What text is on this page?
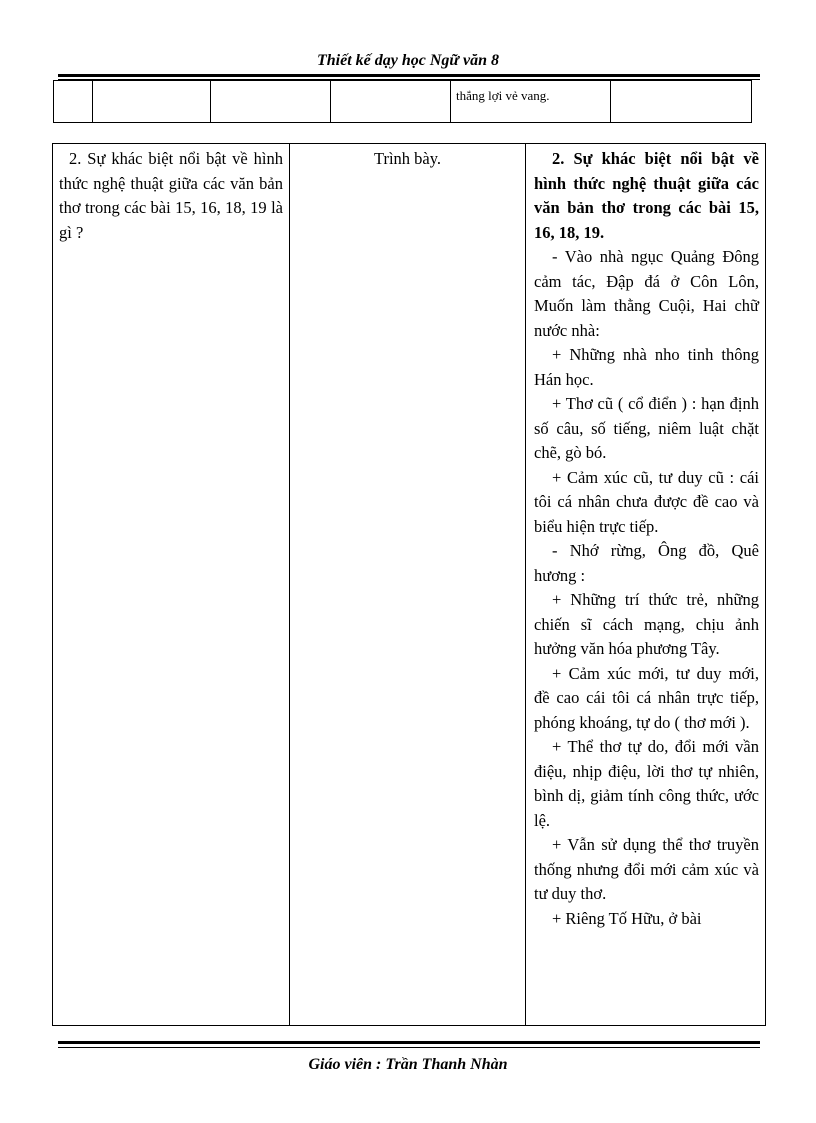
Thiết kế dạy học Ngữ văn 8

thắng lợi vẻ vang.

2. Sự khác biệt nổi bật về hình thức nghệ thuật giữa các văn bản thơ trong các bài 15, 16, 18, 19 là gì ?	Trình bày.	2. Sự khác biệt nổi bật về hình thức nghệ thuật giữa các văn bản thơ trong các bài 15, 16, 18, 19.

- Vào nhà ngục Quảng Đông cảm tác, Đập đá ở Côn Lôn, Muốn làm thằng Cuội, Hai chữ nước nhà:

+ Những nhà nho tinh thông Hán học.

+ Thơ cũ ( cổ điển ) : hạn định số câu, số tiếng, niêm luật chặt chẽ, gò bó.

+ Cảm xúc cũ, tư duy cũ : cái tôi cá nhân chưa được đề cao và biểu hiện trực tiếp.

- Nhớ rừng, Ông đồ, Quê hương :

+ Những trí thức trẻ, những chiến sĩ cách mạng, chịu ảnh hưởng văn hóa phương Tây.

+ Cảm xúc mới, tư duy mới, đề cao cái tôi cá nhân trực tiếp, phóng khoáng, tự do ( thơ mới ).

+ Thể thơ tự do, đổi mới vần điệu, nhịp điệu, lời thơ tự nhiên, bình dị, giảm tính công thức, ước lệ.

+ Vẫn sử dụng thể thơ truyền thống nhưng đổi mới cảm xúc và tư duy thơ.

+ Riêng Tố Hữu, ở bài

Giáo viên : Trần Thanh Nhàn
